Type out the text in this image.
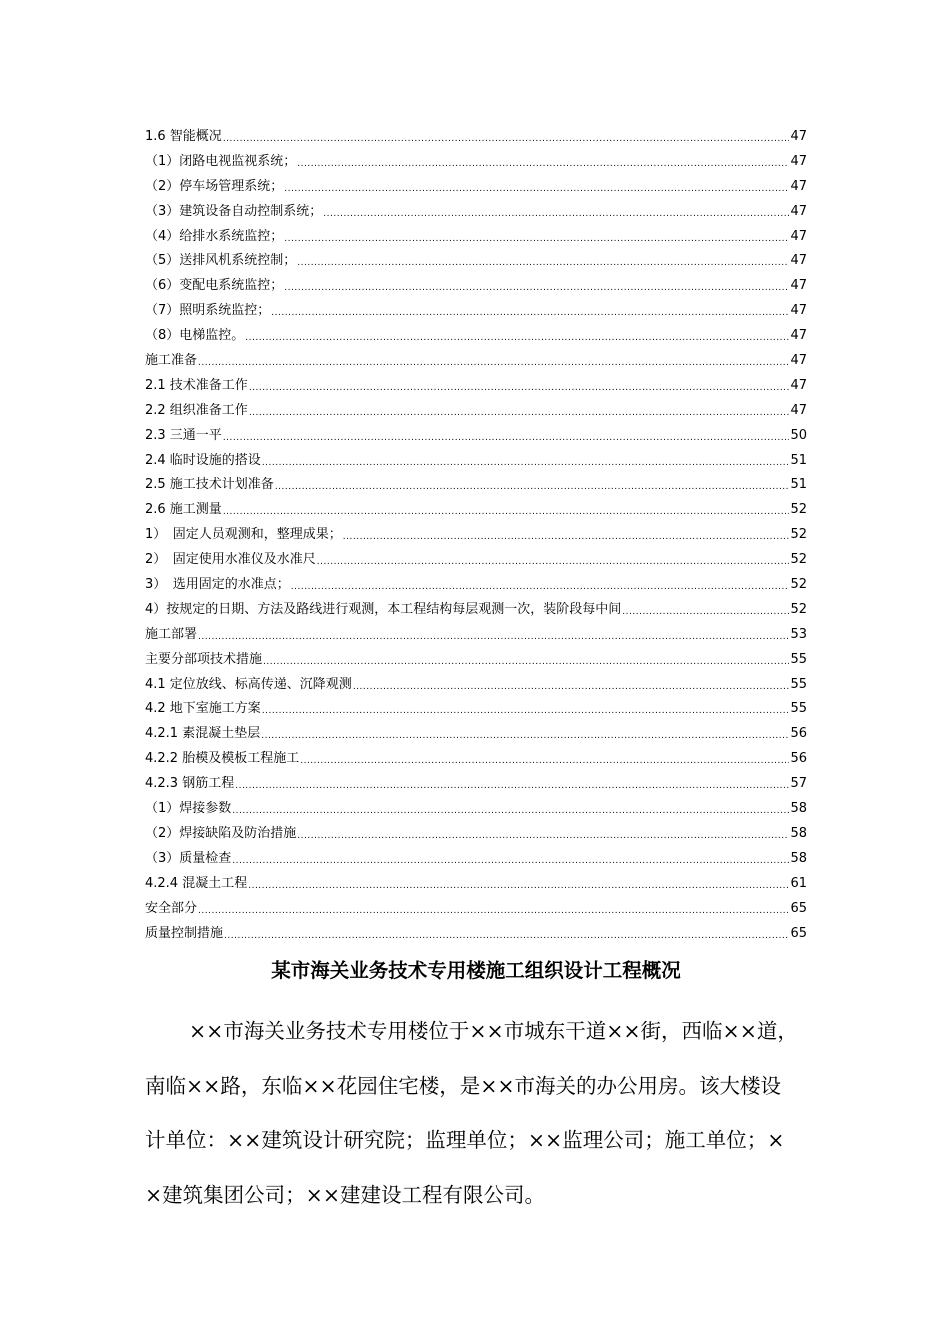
1.6 智能概况 .....	47
（1）闭路电视监视系统； .....	47
（2）停车场管理系统； .....	47
（3）建筑设备自动控制系统； .....	47
（4）给排水系统监控； .....	47
（5）送排风机系统控制； .....	47
（6）变配电系统监控； .....	47
（7）照明系统监控； .....	47
（8）电梯监控。 .....	47
施工准备 .....	47
2.1 技术准备工作 .....	47
2.2 组织准备工作 .....	47
2.3 三通一平 .....	50
2.4 临时设施的搭设 .....	51
2.5 施工技术计划准备 .....	51
2.6 施工测量 .....	52
1）　固定人员观测和，整理成果； .....	52
2）　固定使用水准仪及水准尺 .....	52
3）　选用固定的水准点； .....	52
4）按规定的日期、方法及路线进行观测，本工程结构每层观测一次，装阶段每中间 .....	52
施工部署 .....	53
主要分部项技术措施 .....	55
4.1 定位放线、标高传递、沉降观测 .....	55
4.2 地下室施工方案 .....	55
4.2.1 素混凝土垫层 .....	56
4.2.2 胎模及模板工程施工 .....	56
4.2.3 钢筋工程 .....	57
（1）焊接参数 .....	58
（2）焊接缺陷及防治措施 .....	58
（3）质量检查 .....	58
4.2.4 混凝土工程 .....	61
安全部分 .....	65
质量控制措施 .....	65
某市海关业务技术专用楼施工组织设计工程概况
××市海关业务技术专用楼位于××市城东干道××街，西临××道，
南临××路，东临××花园住宅楼，是××市海关的办公用房。该大楼设
计单位：××建筑设计研究院；监理单位；××监理公司；施工单位；×
×建筑集团公司；××建建设工程有限公司。
